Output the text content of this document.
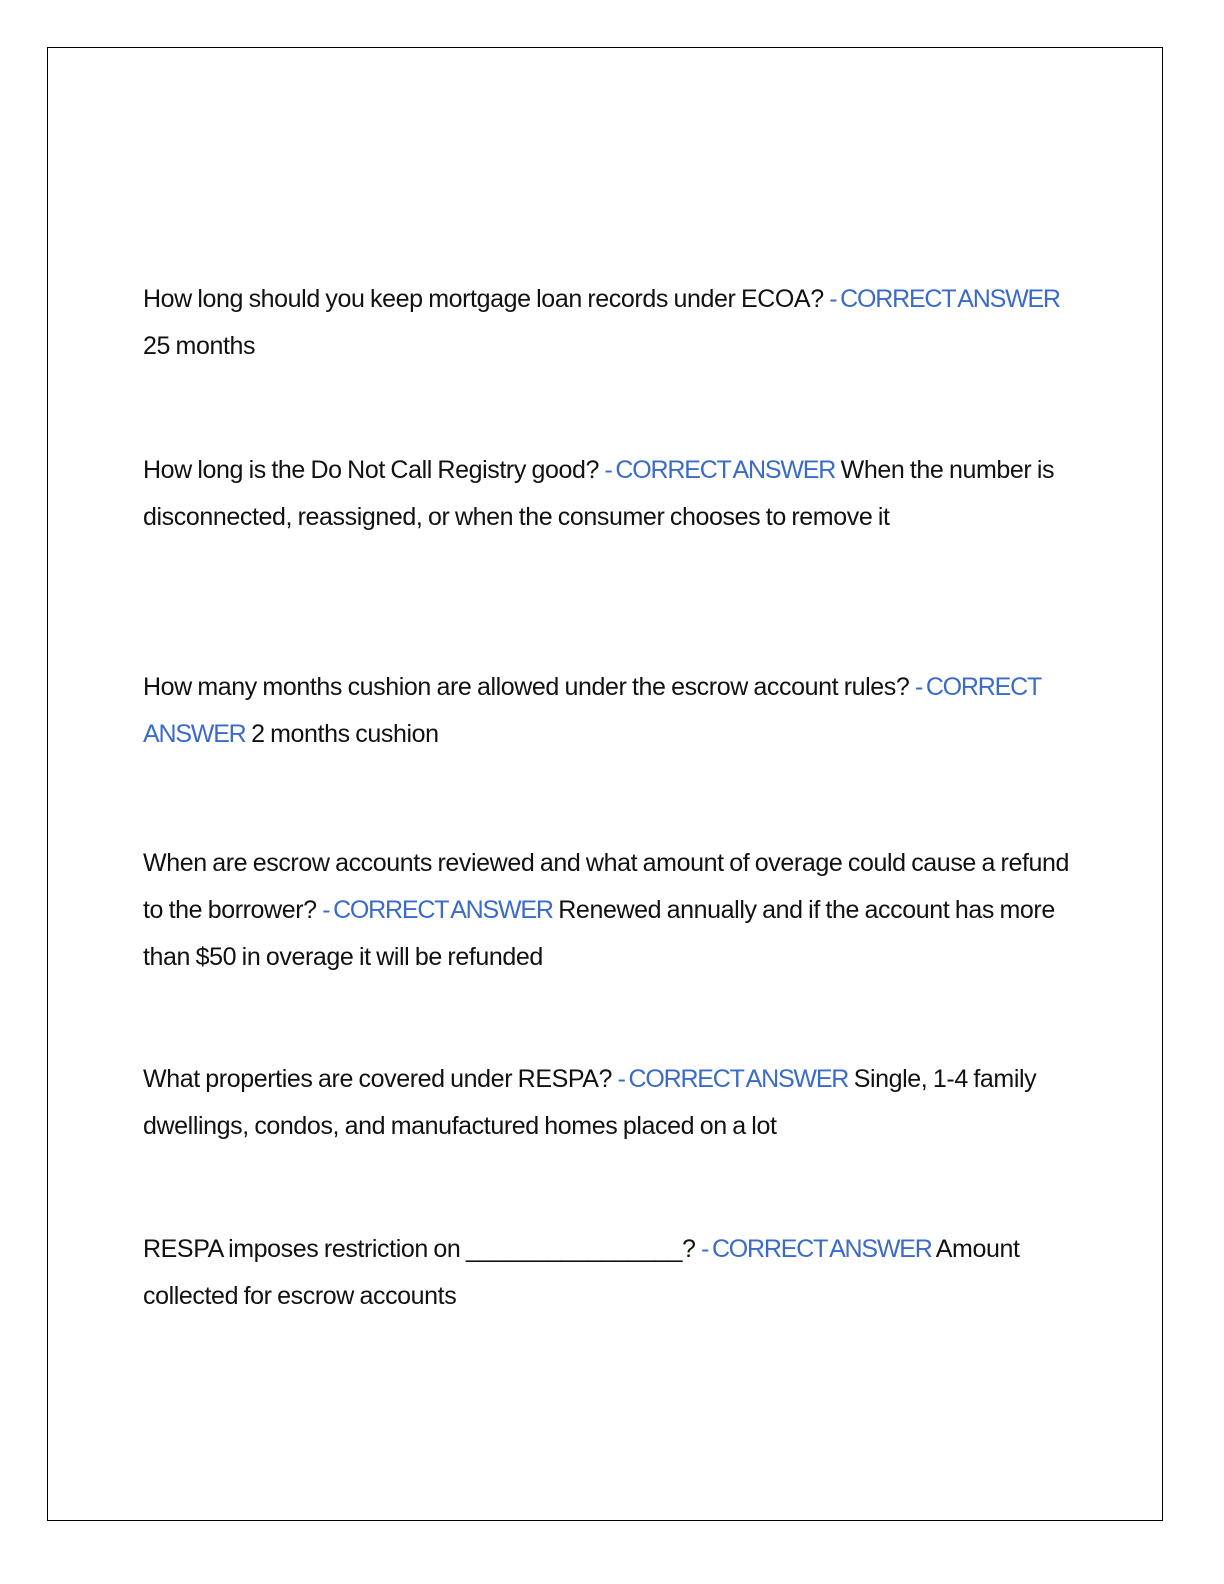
How long should you keep mortgage loan records under ECOA? - CORRECT ANSWER 25 months
How long is the Do Not Call Registry good? - CORRECT ANSWER When the number is disconnected, reassigned, or when the consumer chooses to remove it
How many months cushion are allowed under the escrow account rules? - CORRECT ANSWER 2 months cushion
When are escrow accounts reviewed and what amount of overage could cause a refund to the borrower? - CORRECT ANSWER Renewed annually and if the account has more than $50 in overage it will be refunded
What properties are covered under RESPA? - CORRECT ANSWER Single, 1-4 family dwellings, condos, and manufactured homes placed on a lot
RESPA imposes restriction on ________________? - CORRECT ANSWER Amount collected for escrow accounts
